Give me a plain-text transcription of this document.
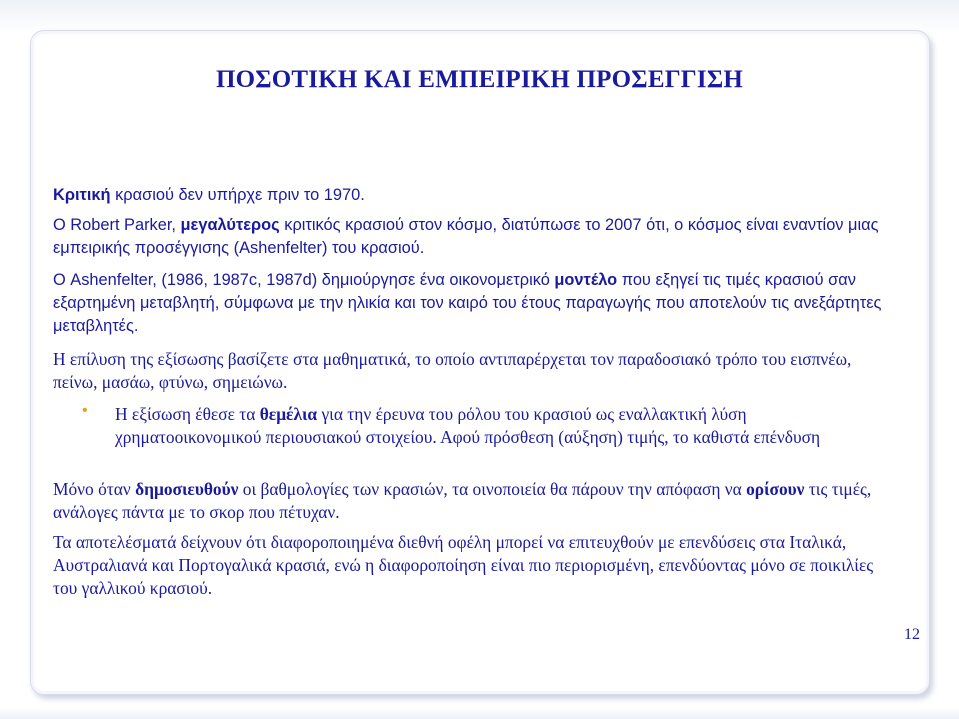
ΠΟΣΟΤΙΚΗ ΚΑΙ ΕΜΠΕΙΡΙΚΗ ΠΡΟΣΕΓΓΙΣΗ
Κριτική κρασιού δεν υπήρχε πριν το 1970.
Ο Robert Parker, μεγαλύτερος κριτικός κρασιού στον κόσμο, διατύπωσε το 2007 ότι, ο κόσμος είναι εναντίον μιας εμπειρικής προσέγγισης (Ashenfelter) του κρασιού.
Ο Ashenfelter, (1986, 1987c, 1987d) δημιούργησε ένα οικονομετρικό μοντέλο που εξηγεί τις τιμές κρασιού σαν εξαρτημένη μεταβλητή, σύμφωνα με την ηλικία και τον καιρό του έτους παραγωγής που αποτελούν τις ανεξάρτητες μεταβλητές.
Η επίλυση της εξίσωσης βασίζετε στα μαθηματικά, το οποίο αντιπαρέρχεται τον παραδοσιακό τρόπο του εισπνέω, πείνω, μασάω, φτύνω, σημειώνω.
• Η εξίσωση έθεσε τα θεμέλια για την έρευνα του ρόλου του κρασιού ως εναλλακτική λύση χρηματοοικονομικού περιουσιακού στοιχείου. Αφού πρόσθεση (αύξηση) τιμής, το καθιστά επένδυση
Μόνο όταν δημοσιευθούν οι βαθμολογίες των κρασιών, τα οινοποιεία θα πάρουν την απόφαση να ορίσουν τις τιμές, ανάλογες πάντα με το σκορ που πέτυχαν.
Τα αποτελέσματά δείχνουν ότι διαφοροποιημένα διεθνή οφέλη μπορεί να επιτευχθούν με επενδύσεις στα Ιταλικά, Αυστραλιανά και Πορτογαλικά κρασιά, ενώ η διαφοροποίηση είναι πιο περιορισμένη, επενδύοντας μόνο σε ποικιλίες του γαλλικού κρασιού.
12
